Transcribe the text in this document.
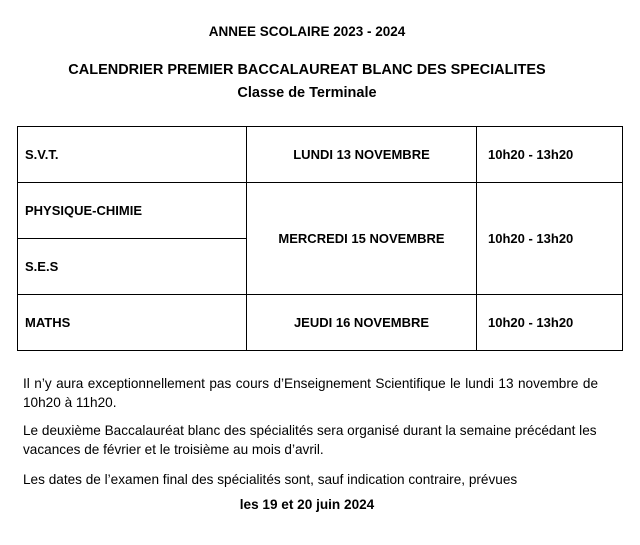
ANNEE SCOLAIRE 2023 - 2024
CALENDRIER PREMIER BACCALAUREAT BLANC DES SPECIALITES
Classe de Terminale
S.V.T.	LUNDI 13 NOVEMBRE	10h20 - 13h20
PHYSIQUE-CHIMIE	MERCREDI 15 NOVEMBRE	10h20 - 13h20
S.E.S		
MATHS	JEUDI 16 NOVEMBRE	10h20 - 13h20
Il n’y aura exceptionnellement pas cours d’Enseignement Scientifique le lundi 13 novembre de 10h20 à 11h20.
Le deuxième Baccalauréat blanc des spécialités sera organisé durant la semaine précédant les vacances de février et le troisième au mois d’avril.
Les dates de l’examen final des spécialités sont, sauf indication contraire, prévues
les 19 et 20 juin 2024
